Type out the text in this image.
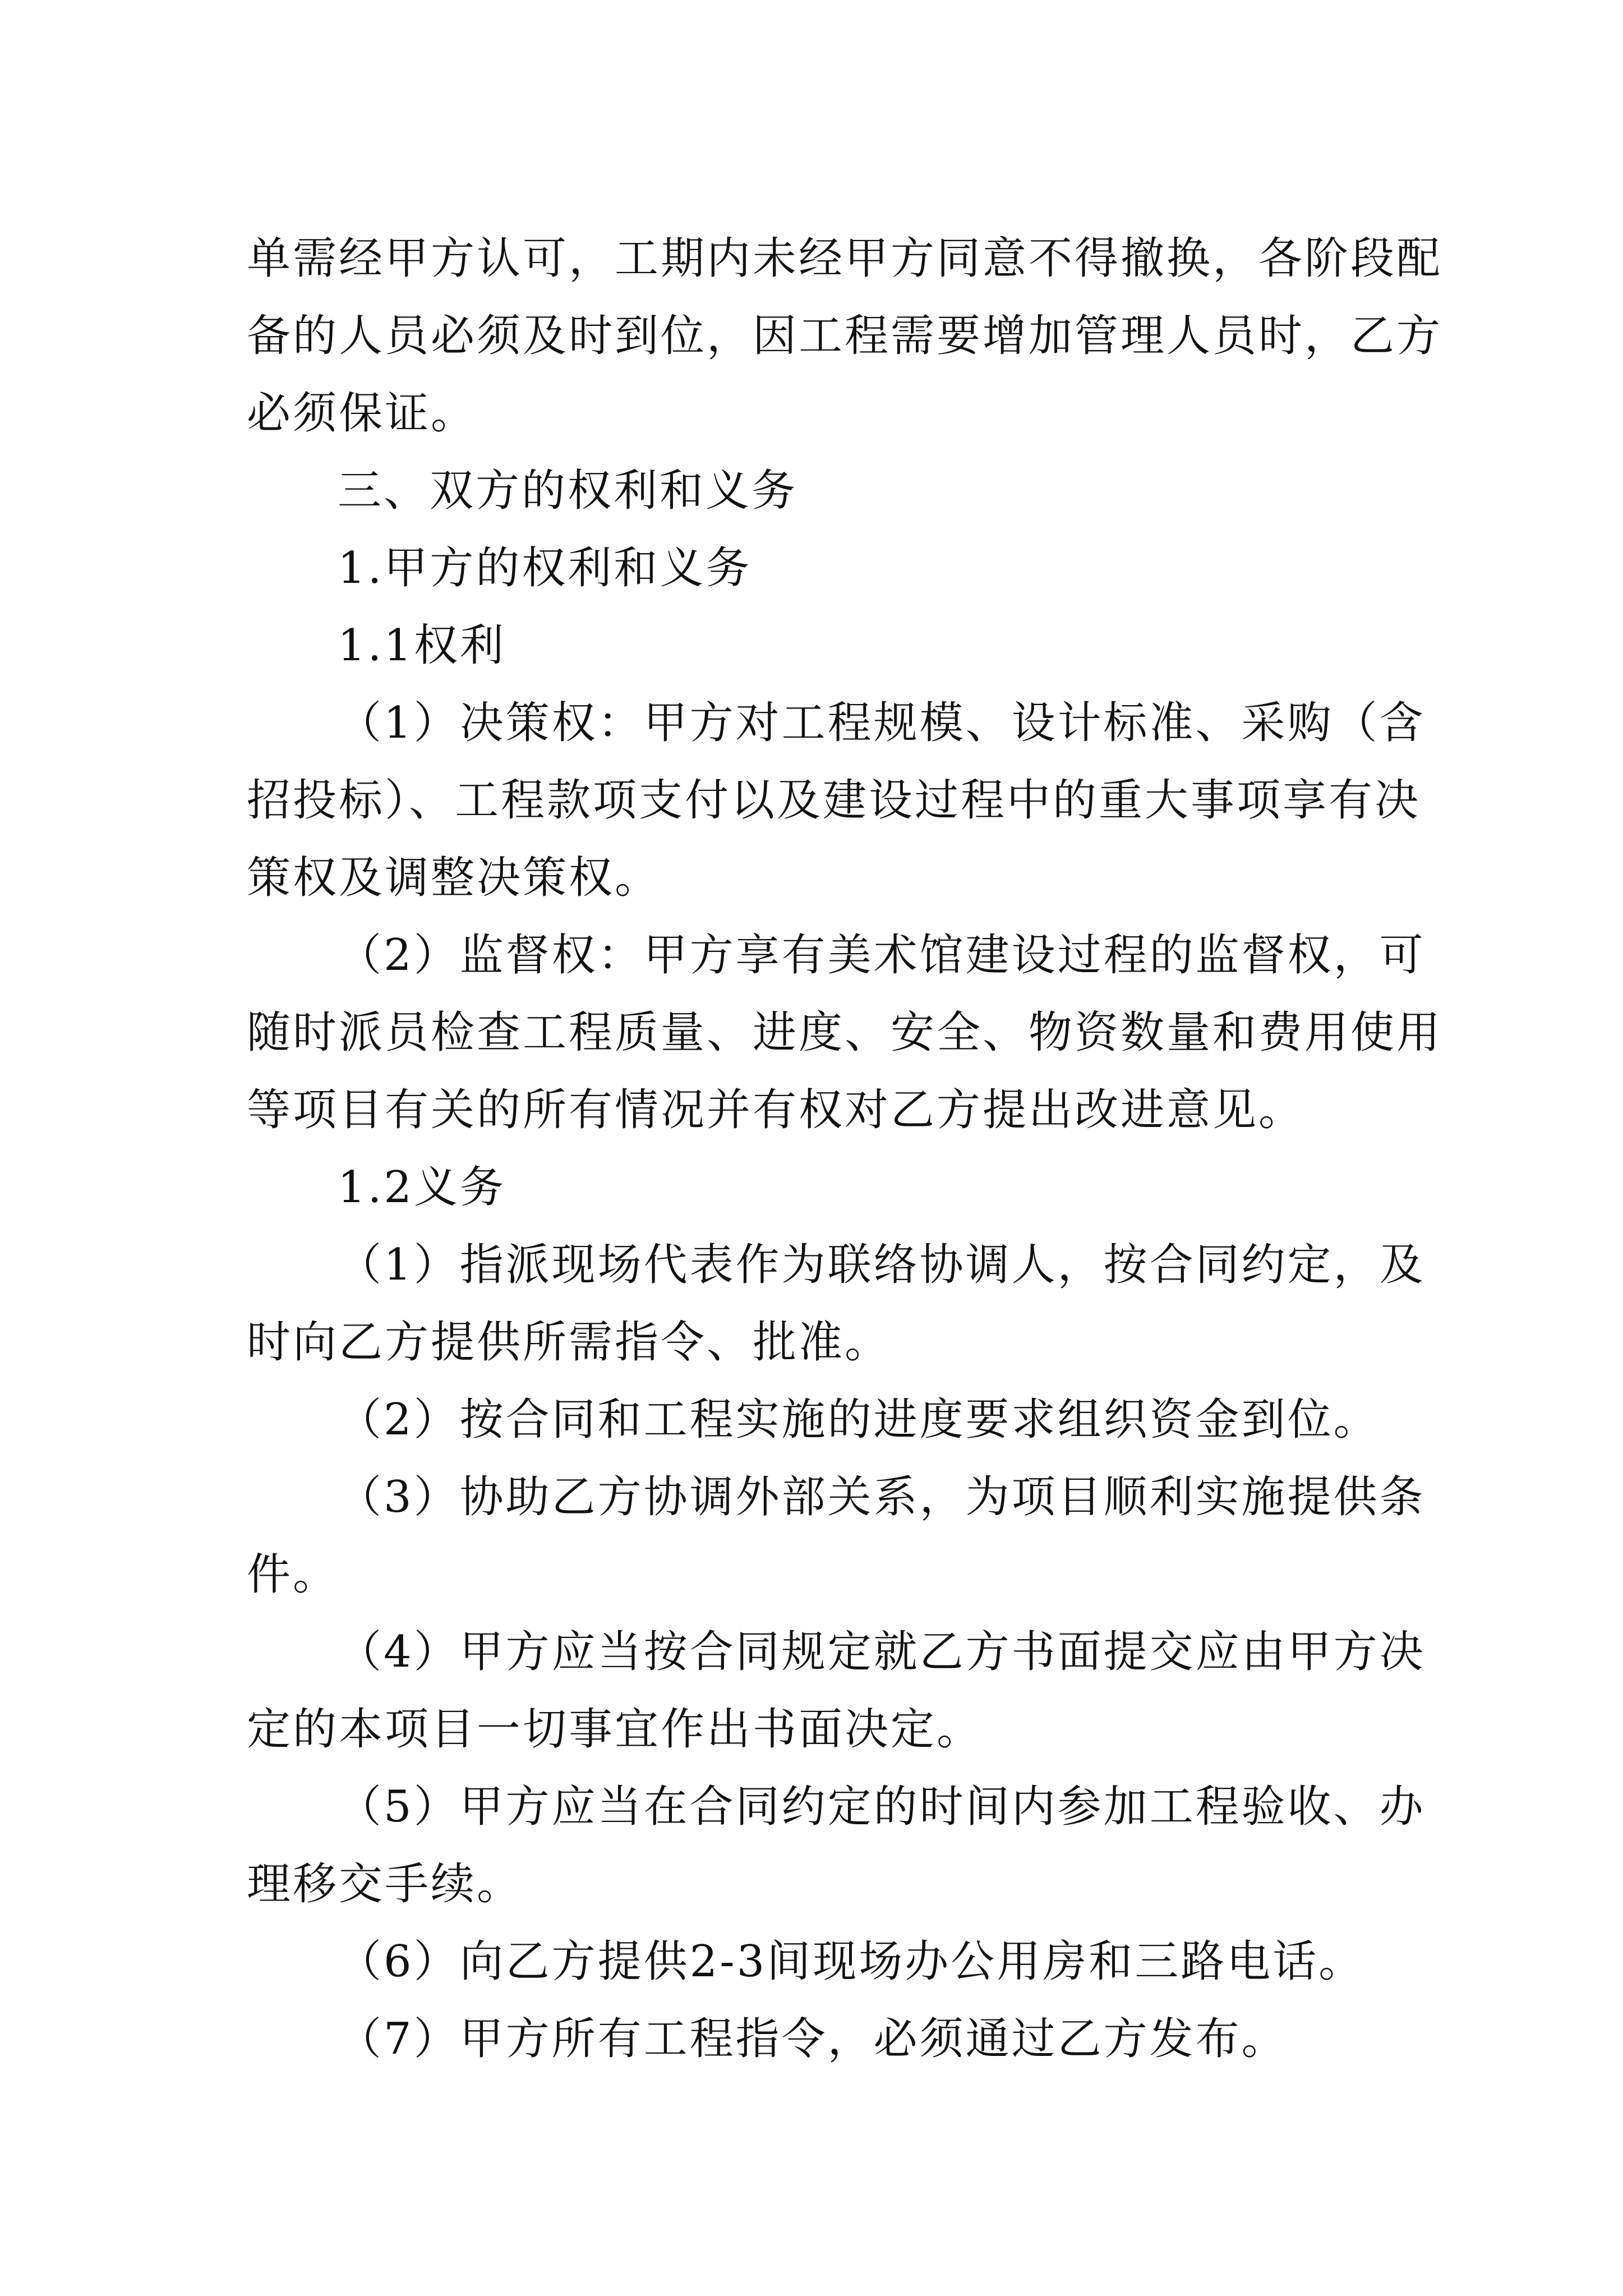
单需经甲方认可，工期内未经甲方同意不得撤换，各阶段配
备的人员必须及时到位，因工程需要增加管理人员时，乙方
必须保证。
三、双方的权利和义务
1.甲方的权利和义务
1.1权利
（1）决策权：甲方对工程规模、设计标准、采购（含
招投标）、工程款项支付以及建设过程中的重大事项享有决
策权及调整决策权。
（2）监督权：甲方享有美术馆建设过程的监督权，可
随时派员检查工程质量、进度、安全、物资数量和费用使用
等项目有关的所有情况并有权对乙方提出改进意见。
1.2义务
（1）指派现场代表作为联络协调人，按合同约定，及
时向乙方提供所需指令、批准。
（2）按合同和工程实施的进度要求组织资金到位。
（3）协助乙方协调外部关系，为项目顺利实施提供条
件。
（4）甲方应当按合同规定就乙方书面提交应由甲方决
定的本项目一切事宜作出书面决定。
（5）甲方应当在合同约定的时间内参加工程验收、办
理移交手续。
（6）向乙方提供2-3间现场办公用房和三路电话。
（7）甲方所有工程指令，必须通过乙方发布。
